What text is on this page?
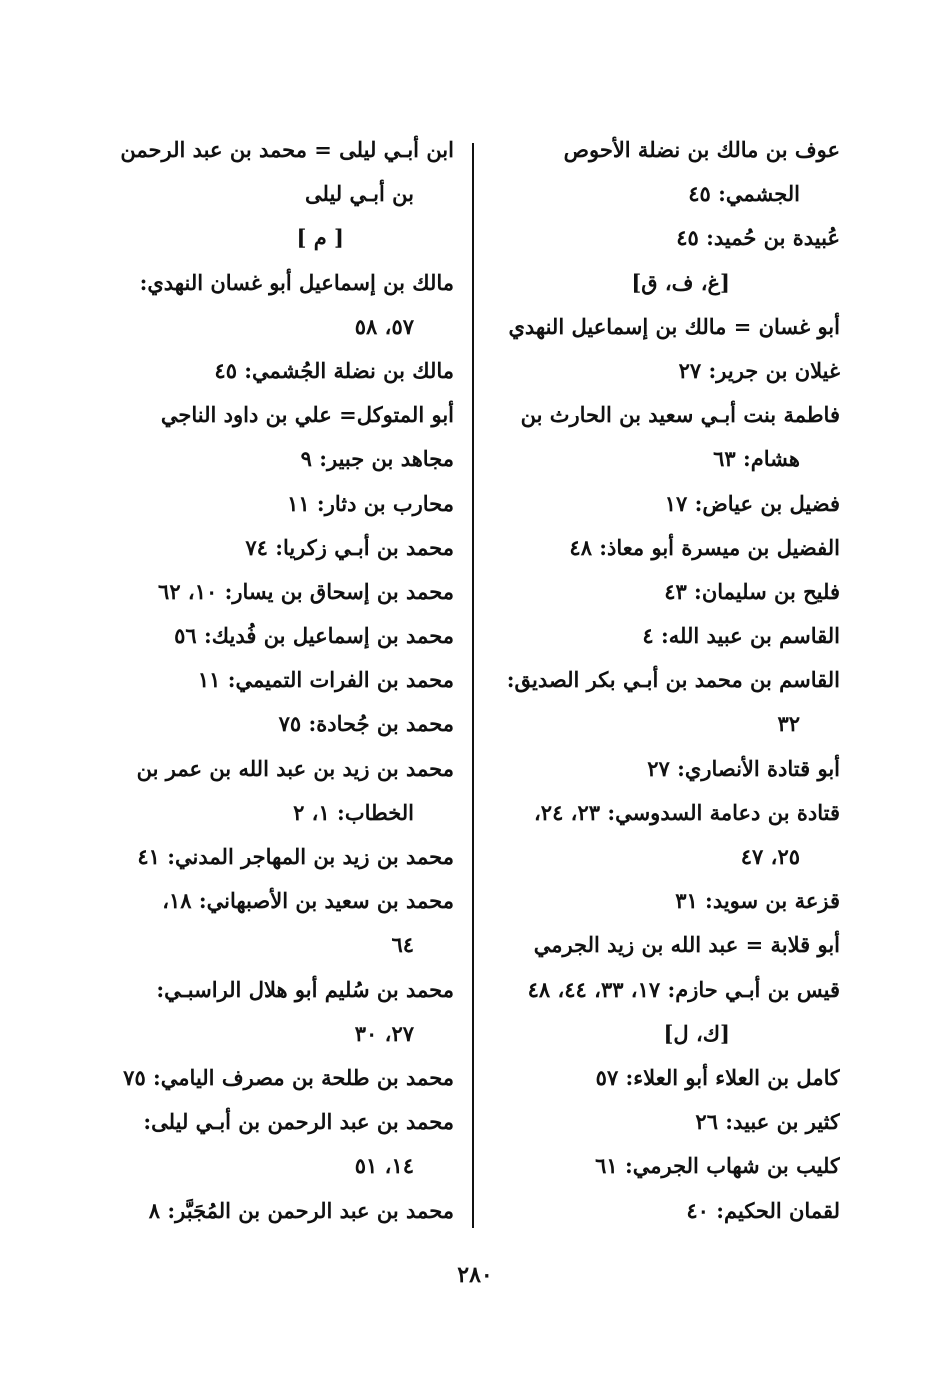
عوف بن مالك بن نضلة الأحوص
الجشمي: ٤٥
عُبيدة بن حُميد: ٤٥
[غ، ف، ق]
أبو غسان = مالك بن إسماعيل النهدي
غيلان بن جرير: ٢٧
فاطمة بنت أبـي سعيد بن الحارث بن
هشام: ٦٣
فضيل بن عياض: ١٧
الفضيل بن ميسرة أبو معاذ: ٤٨
فليح بن سليمان: ٤٣
القاسم بن عبيد الله: ٤
القاسم بن محمد بن أبـي بكر الصديق:
٣٢
أبو قتادة الأنصاري: ٢٧
قتادة بن دعامة السدوسي: ٢٣، ٢٤،
٢٥، ٤٧
قزعة بن سويد: ٣١
أبو قلابة = عبد الله بن زيد الجرمي
قيس بن أبـي حازم: ١٧، ٣٣، ٤٤، ٤٨
[ك، ل]
كامل بن العلاء أبو العلاء: ٥٧
كثير بن عبيد: ٢٦
كليب بن شهاب الجرمي: ٦١
لقمان الحكيم: ٤٠
ابن أبـي ليلى = محمد بن عبد الرحمن
بن أبـي ليلى
[ م ]
مالك بن إسماعيل أبو غسان النهدي:
٥٧، ٥٨
مالك بن نضلة الجُشمي: ٤٥
أبو المتوكل= علي بن داود الناجي
مجاهد بن جبير: ٩
محارب بن دثار: ١١
محمد بن أبـي زكريا: ٧٤
محمد بن إسحاق بن يسار: ١٠، ٦٢
محمد بن إسماعيل بن فُديك: ٥٦
محمد بن الفرات التميمي: ١١
محمد بن جُحادة: ٧٥
محمد بن زيد بن عبد الله بن عمر بن
الخطاب: ١، ٢
محمد بن زيد بن المهاجر المدني: ٤١
محمد بن سعيد بن الأصبهاني: ١٨،
٦٤
محمد بن سُليم أبو هلال الراسبـي:
٢٧، ٣٠
محمد بن طلحة بن مصرف اليامي: ٧٥
محمد بن عبد الرحمن بن أبـي ليلى:
١٤، ٥١
محمد بن عبد الرحمن بن المُجَبَّر: ٨
٢٨٠
